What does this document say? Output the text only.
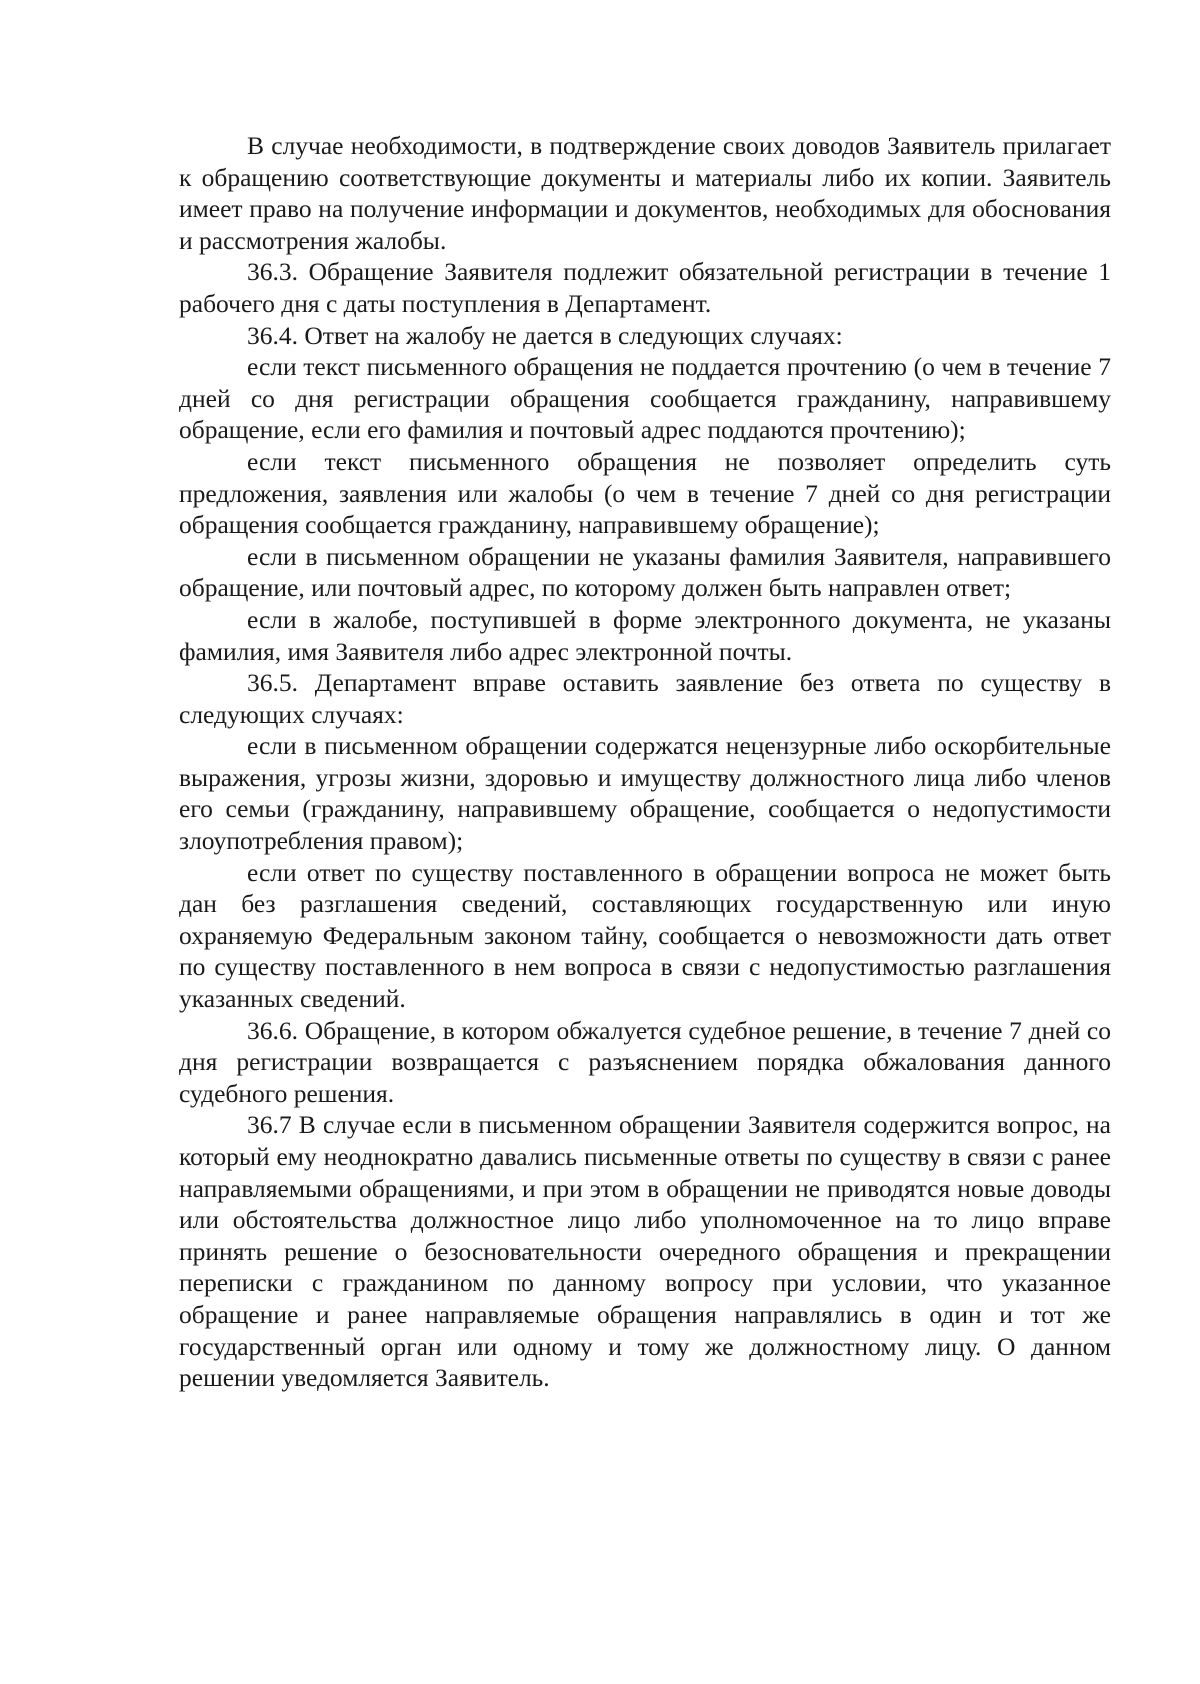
В случае необходимости, в подтверждение своих доводов Заявитель прилагает к обращению соответствующие документы и материалы либо их копии. Заявитель имеет право на получение информации и документов, необходимых для обоснования и рассмотрения жалобы.

36.3. Обращение Заявителя подлежит обязательной регистрации в течение 1 рабочего дня с даты поступления в Департамент.

36.4. Ответ на жалобу не дается в следующих случаях:

если текст письменного обращения не поддается прочтению (о чем в течение 7 дней со дня регистрации обращения сообщается гражданину, направившему обращение, если его фамилия и почтовый адрес поддаются прочтению);

если текст письменного обращения не позволяет определить суть предложения, заявления или жалобы (о чем в течение 7 дней со дня регистрации обращения сообщается гражданину, направившему обращение);

если в письменном обращении не указаны фамилия Заявителя, направившего обращение, или почтовый адрес, по которому должен быть направлен ответ;

если в жалобе, поступившей в форме электронного документа, не указаны фамилия, имя Заявителя либо адрес электронной почты.

36.5. Департамент вправе оставить заявление без ответа по существу в следующих случаях:

если в письменном обращении содержатся нецензурные либо оскорбительные выражения, угрозы жизни, здоровью и имуществу должностного лица либо членов его семьи (гражданину, направившему обращение, сообщается о недопустимости злоупотребления правом);

если ответ по существу поставленного в обращении вопроса не может быть дан без разглашения сведений, составляющих государственную или иную охраняемую Федеральным законом тайну, сообщается о невозможности дать ответ по существу поставленного в нем вопроса в связи с недопустимостью разглашения указанных сведений.

36.6. Обращение, в котором обжалуется судебное решение, в течение 7 дней со дня регистрации возвращается с разъяснением порядка обжалования данного судебного решения.

36.7 В случае если в письменном обращении Заявителя содержится вопрос, на который ему неоднократно давались письменные ответы по существу в связи с ранее направляемыми обращениями, и при этом в обращении не приводятся новые доводы или обстоятельства должностное лицо либо уполномоченное на то лицо вправе принять решение о безосновательности очередного обращения и прекращении переписки с гражданином по данному вопросу при условии, что указанное обращение и ранее направляемые обращения направлялись в один и тот же государственный орган или одному и тому же должностному лицу. О данном решении уведомляется Заявитель.
